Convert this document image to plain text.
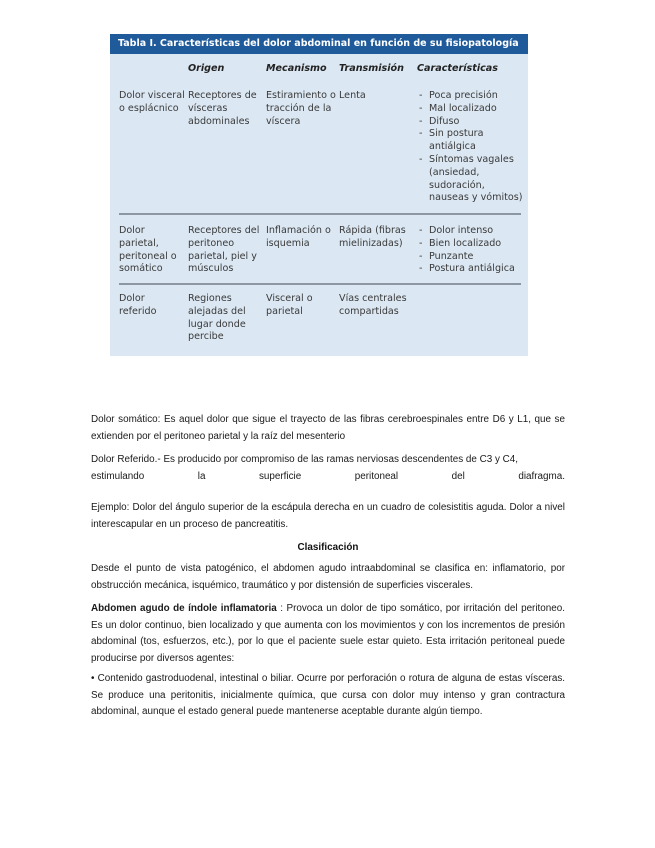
Tabla I. Características del dolor abdominal en función de su fisiopatología
Origen	Mecanismo	Transmisión	Características
Dolor visceral o esplácnico
Receptores de vísceras abdominales
Estiramiento o tracción de la víscera
Lenta
-	Poca precisión
- Mal localizado
- Difuso
- Sin postura antiálgica
- Síntomas vagales (ansiedad, sudoración, nauseas y vómitos)
Dolor parietal, peritoneal o somático
Receptores del peritoneo parietal, piel y músculos
Inflamación o isquemia
Rápida (fibras mielinizadas)
- Dolor intenso
- Bien localizado
- Punzante
- Postura antiálgica
Dolor referido
Regiones alejadas del lugar donde percibe
Visceral o parietal
Vías centrales compartidas
Dolor somático: Es aquel dolor que sigue el trayecto de las fibras cerebroespinales entre D6 y L1, que se extienden por el peritoneo parietal y la raíz del mesenterio
Dolor Referido.- Es producido por compromiso de las ramas nerviosas descendentes de C3 y C4,
estimulando la superficie peritoneal del diafragma.
Ejemplo: Dolor del ángulo superior de la escápula derecha en un cuadro de colesistitis aguda. Dolor a nivel interescapular en un proceso de pancreatitis.
Clasificación
Desde el punto de vista patogénico, el abdomen agudo intraabdominal se clasifica en: inflamatorio, por obstrucción mecánica, isquémico, traumático y por distensión de superficies viscerales.
Abdomen agudo de índole inflamatoria : Provoca un dolor de tipo somático, por irritación del peritoneo. Es un dolor continuo, bien localizado y que aumenta con los movimientos y con los incrementos de presión abdominal (tos, esfuerzos, etc.), por lo que el paciente suele estar quieto. Esta irritación peritoneal puede producirse por diversos agentes:
• Contenido gastroduodenal, intestinal o biliar. Ocurre por perforación o rotura de alguna de estas vísceras. Se produce una peritonitis, inicialmente química, que cursa con dolor muy intenso y gran contractura abdominal, aunque el estado general puede mantenerse aceptable durante algún tiempo.
